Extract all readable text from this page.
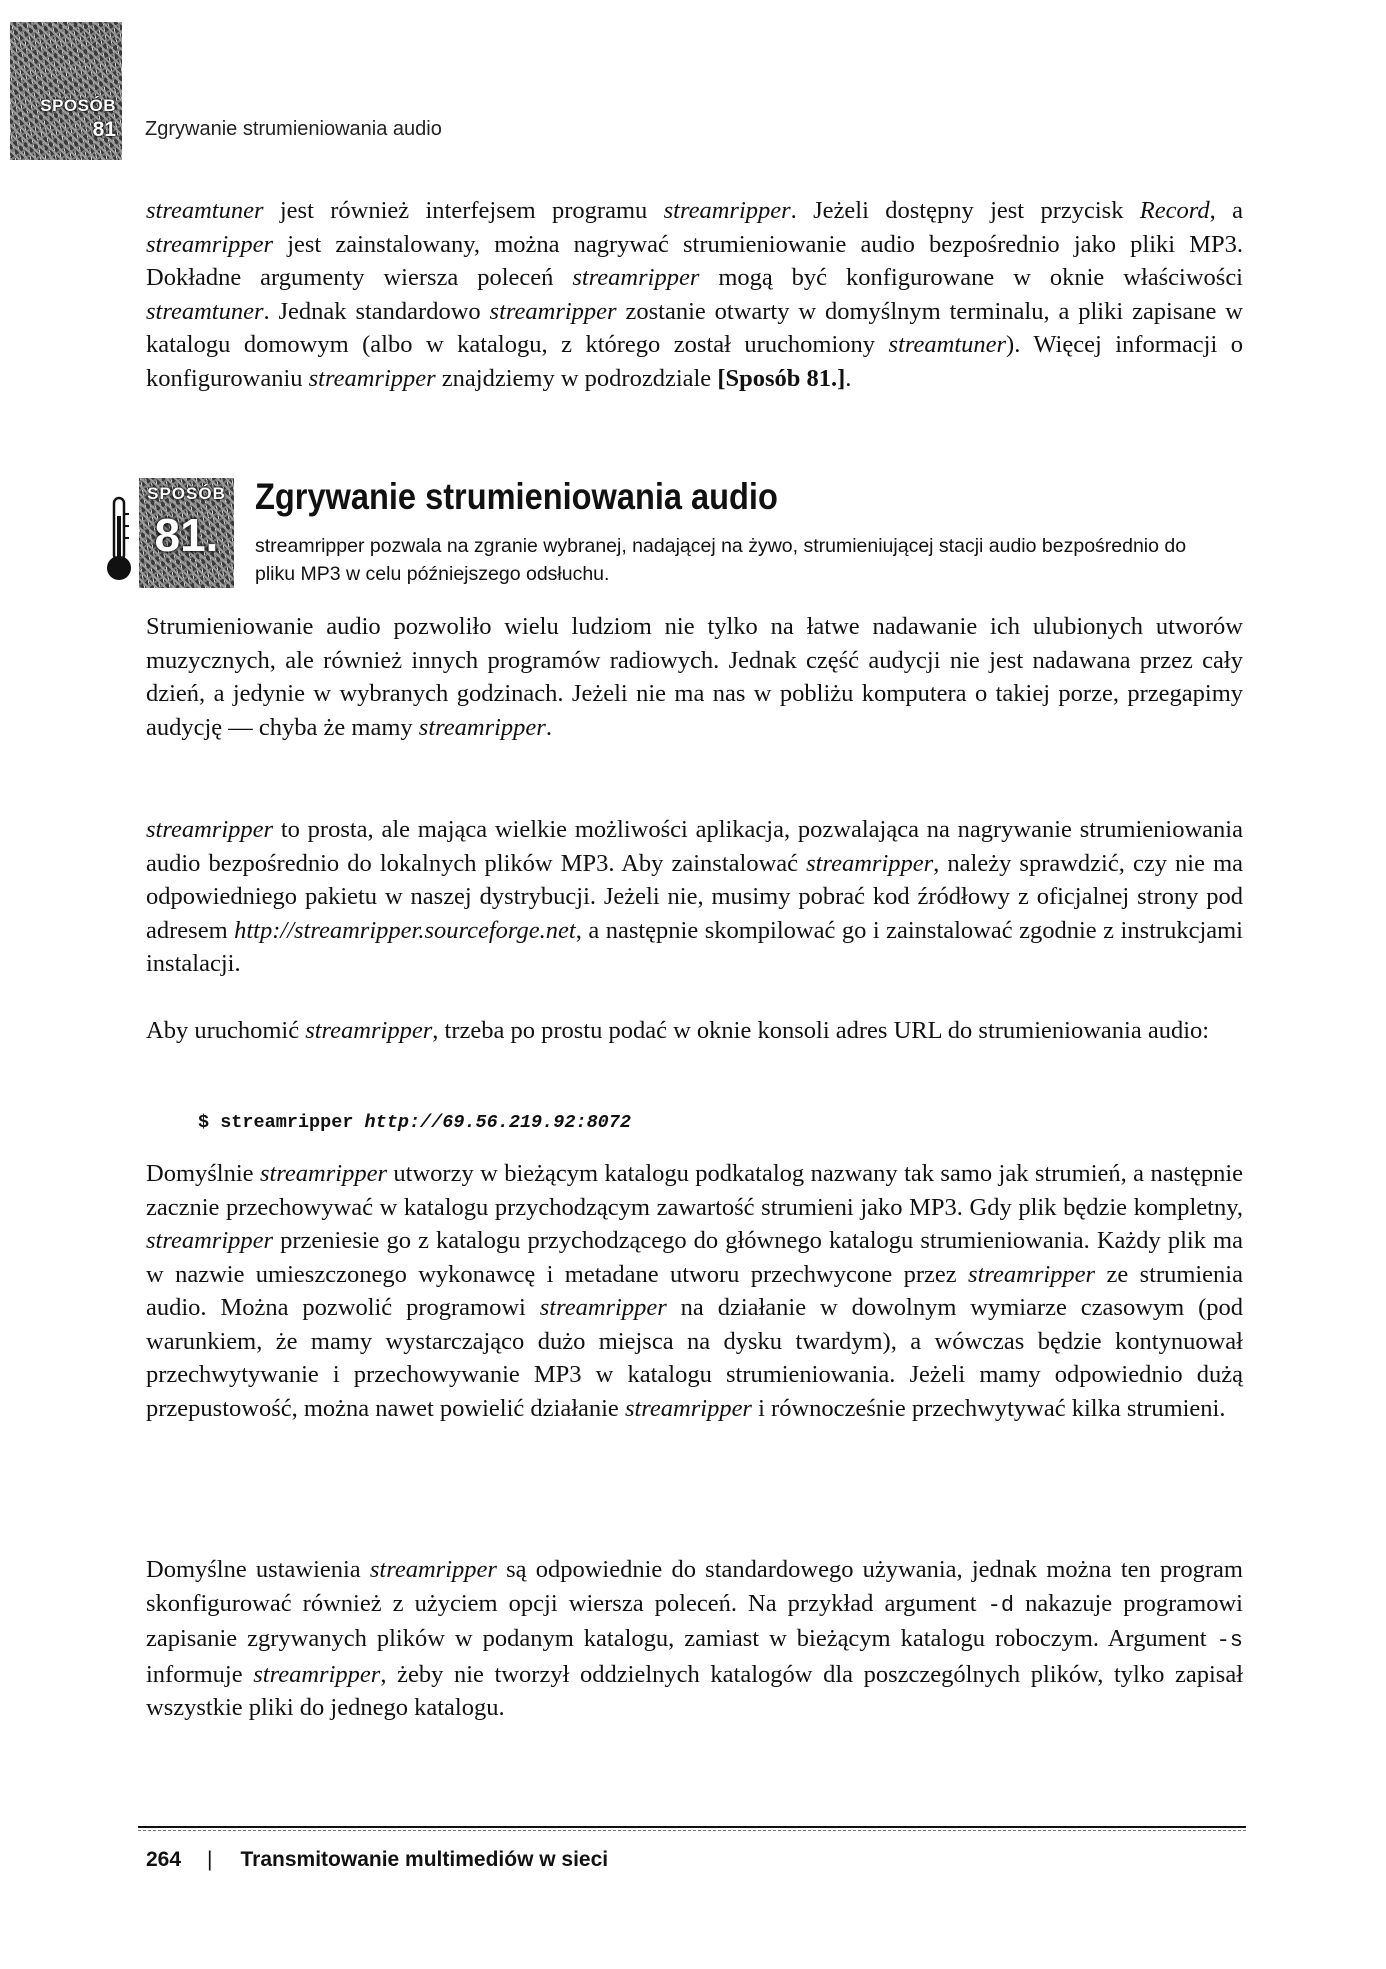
SPOSÓB
81 Zgrywanie strumieniowania audio

streamtuner jest również interfejsem programu streamripper. Jeżeli dostępny jest przycisk Record, a streamripper jest zainstalowany, można nagrywać strumieniowanie audio bezpośrednio jako pliki MP3. Dokładne argumenty wiersza poleceń streamripper mogą być konfigurowane w oknie właściwości streamtuner. Jednak standardowo streamripper zostanie otwarty w domyślnym terminalu, a pliki zapisane w katalogu domowym (albo w katalogu, z którego został uruchomiony streamtuner). Więcej informacji o konfigurowaniu streamripper znajdziemy w podrozdziale [Sposób 81.].

SPOSÓB
81.
Zgrywanie strumieniowania audio
streamripper pozwala na zgranie wybranej, nadającej na żywo, strumieniującej stacji audio bezpośrednio do pliku MP3 w celu późniejszego odsłuchu.

Strumieniowanie audio pozwoliło wielu ludziom nie tylko na łatwe nadawanie ich ulubionych utworów muzycznych, ale również innych programów radiowych. Jednak część audycji nie jest nadawana przez cały dzień, a jedynie w wybranych godzinach. Jeżeli nie ma nas w pobliżu komputera o takiej porze, przegapimy audycję — chyba że mamy streamripper.

streamripper to prosta, ale mająca wielkie możliwości aplikacja, pozwalająca na nagrywanie strumieniowania audio bezpośrednio do lokalnych plików MP3. Aby zainstalować streamripper, należy sprawdzić, czy nie ma odpowiedniego pakietu w naszej dystrybucji. Jeżeli nie, musimy pobrać kod źródłowy z oficjalnej strony pod adresem http://streamripper.sourceforge.net, a następnie skompilować go i zainstalować zgodnie z instrukcjami instalacji.

Aby uruchomić streamripper, trzeba po prostu podać w oknie konsoli adres URL do strumieniowania audio:

$ streamripper http://69.56.219.92:8072

Domyślnie streamripper utworzy w bieżącym katalogu podkatalog nazwany tak samo jak strumień, a następnie zacznie przechowywać w katalogu przychodzącym zawartość strumieni jako MP3. Gdy plik będzie kompletny, streamripper przeniesie go z katalogu przychodzącego do głównego katalogu strumieniowania. Każdy plik ma w nazwie umieszczonego wykonawcę i metadane utworu przechwycone przez streamripper ze strumienia audio. Można pozwolić programowi streamripper na działanie w dowolnym wymiarze czasowym (pod warunkiem, że mamy wystarczająco dużo miejsca na dysku twardym), a wówczas będzie kontynuował przechwytywanie i przechowywanie MP3 w katalogu strumieniowania. Jeżeli mamy odpowiednio dużą przepustowość, można nawet powielić działanie streamripper i równocześnie przechwytywać kilka strumieni.

Domyślne ustawienia streamripper są odpowiednie do standardowego używania, jednak można ten program skonfigurować również z użyciem opcji wiersza poleceń. Na przykład argument -d nakazuje programowi zapisanie zgrywanych plików w podanym katalogu, zamiast w bieżącym katalogu roboczym. Argument -s informuje streamripper, żeby nie tworzył oddzielnych katalogów dla poszczególnych plików, tylko zapisał wszystkie pliki do jednego katalogu.

264 | Transmitowanie multimediów w sieci
